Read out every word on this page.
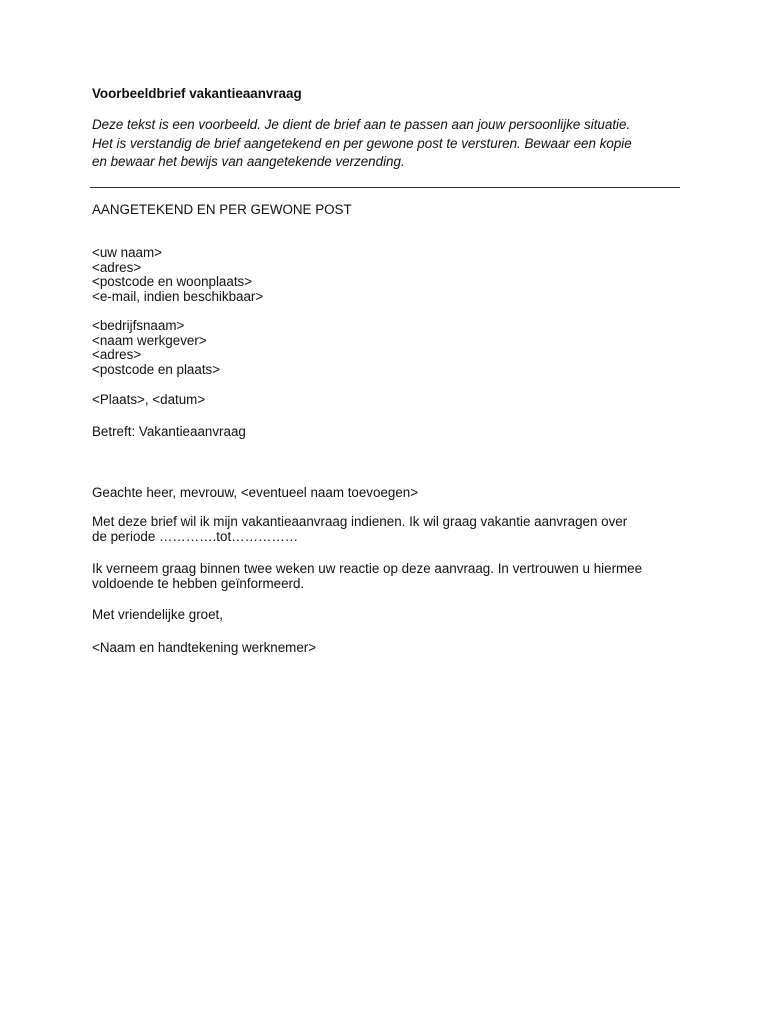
Voorbeeldbrief vakantieaanvraag
Deze tekst is een voorbeeld. Je dient de brief aan te passen aan jouw persoonlijke situatie.
Het is verstandig de brief aangetekend en per gewone post te versturen. Bewaar een kopie
en bewaar het bewijs van aangetekende verzending.
AANGETEKEND EN PER GEWONE POST
<uw naam>
<adres>
<postcode en woonplaats>
<e-mail, indien beschikbaar>
<bedrijfsnaam>
<naam werkgever>
<adres>
<postcode en plaats>
<Plaats>, <datum>
Betreft: Vakantieaanvraag
Geachte heer, mevrouw, <eventueel naam toevoegen>
Met deze brief wil ik mijn vakantieaanvraag indienen. Ik wil graag vakantie aanvragen over
de periode ………….tot……………
Ik verneem graag binnen twee weken uw reactie op deze aanvraag. In vertrouwen u hiermee
voldoende te hebben geïnformeerd.
Met vriendelijke groet,
<Naam en handtekening werknemer>
